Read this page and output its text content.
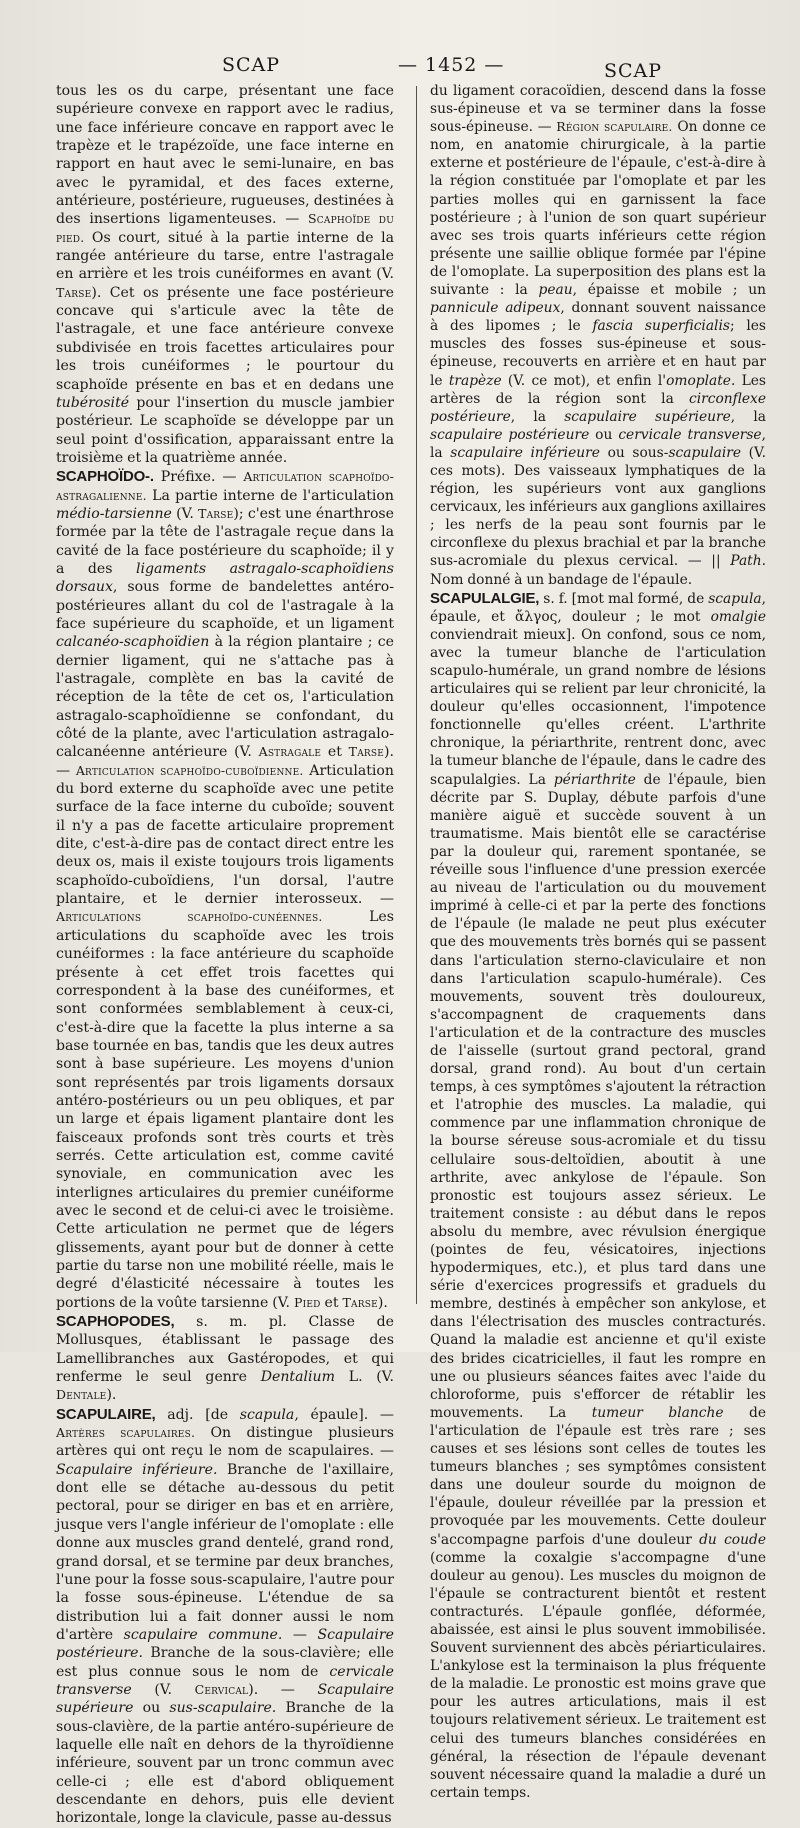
SCAP	— 1452 —	SCAP

tous les os du carpe, présentant une face supérieure convexe en rapport avec le radius, une face inférieure concave en rapport avec le trapèze et le trapézoïde, une face interne en rapport en haut avec le semi-lunaire, en bas avec le pyramidal, et des faces externe, antérieure, postérieure, rugueuses, destinées à des insertions ligamenteuses. — Scaphoïde du pied. Os court, situé à la partie interne de la rangée antérieure du tarse, entre l'astragale en arrière et les trois cunéiformes en avant (V. Tarse). Cet os présente une face postérieure concave qui s'articule avec la tête de l'astragale, et une face antérieure convexe subdivisée en trois facettes articulaires pour les trois cunéiformes ; le pourtour du scaphoïde présente en bas et en dedans une tubérosité pour l'insertion du muscle jambier postérieur. Le scaphoïde se développe par un seul point d'ossification, apparaissant entre la troisième et la quatrième année.

SCAPHOÏDO-. Préfixe. — Articulation scaphoïdo-astragalienne. La partie interne de l'articulation médio-tarsienne (V. Tarse); c'est une énarthrose formée par la tête de l'astragale reçue dans la cavité de la face postérieure du scaphoïde; il y a des ligaments astragalo-scaphoïdiens dorsaux, sous forme de bandelettes antéro-postérieures allant du col de l'astragale à la face supérieure du scaphoïde, et un ligament calcanéo-scaphoïdien à la région plantaire ; ce dernier ligament, qui ne s'attache pas à l'astragale, complète en bas la cavité de réception de la tête de cet os, l'articulation astragalo-scaphoïdienne se confondant, du côté de la plante, avec l'articulation astragalo-calcanéenne antérieure (V. Astragale et Tarse). — Articulation scaphoïdo-cuboïdienne. Articulation du bord externe du scaphoïde avec une petite surface de la face interne du cuboïde; souvent il n'y a pas de facette articulaire proprement dite, c'est-à-dire pas de contact direct entre les deux os, mais il existe toujours trois ligaments scaphoïdo-cuboïdiens, l'un dorsal, l'autre plantaire, et le dernier interosseux. — Articulations scaphoïdo-cunéennes. Les articulations du scaphoïde avec les trois cunéiformes : la face antérieure du scaphoïde présente à cet effet trois facettes qui correspondent à la base des cunéiformes, et sont conformées semblablement à ceux-ci, c'est-à-dire que la facette la plus interne a sa base tournée en bas, tandis que les deux autres sont à base supérieure. Les moyens d'union sont représentés par trois ligaments dorsaux antéro-postérieurs ou un peu obliques, et par un large et épais ligament plantaire dont les faisceaux profonds sont très courts et très serrés. Cette articulation est, comme cavité synoviale, en communication avec les interlignes articulaires du premier cunéiforme avec le second et de celui-ci avec le troisième. Cette articulation ne permet que de légers glissements, ayant pour but de donner à cette partie du tarse non une mobilité réelle, mais le degré d'élasticité nécessaire à toutes les portions de la voûte tarsienne (V. Pied et Tarse).

SCAPHOPODES, s. m. pl. Classe de Mollusques, établissant le passage des Lamellibranches aux Gastéropodes, et qui renferme le seul genre Dentalium L. (V. Dentale).

SCAPULAIRE, adj. [de scapula, épaule]. — Artères scapulaires. On distingue plusieurs artères qui ont reçu le nom de scapulaires. — Scapulaire inférieure. Branche de l'axillaire, dont elle se détache au-dessous du petit pectoral, pour se diriger en bas et en arrière, jusque vers l'angle inférieur de l'omoplate : elle donne aux muscles grand dentelé, grand rond, grand dorsal, et se termine par deux branches, l'une pour la fosse sous-scapulaire, l'autre pour la fosse sous-épineuse. L'étendue de sa distribution lui a fait donner aussi le nom d'artère scapulaire commune. — Scapulaire postérieure. Branche de la sous-clavière; elle est plus connue sous le nom de cervicale transverse (V. Cervical). — Scapulaire supérieure ou sus-scapulaire. Branche de la sous-clavière, de la partie antéro-supérieure de laquelle elle naît en dehors de la thyroïdienne inférieure, souvent par un tronc commun avec celle-ci ; elle est d'abord obliquement descendante en dehors, puis elle devient horizontale, longe la clavicule, passe au-dessus

du ligament coracoïdien, descend dans la fosse sus-épineuse et va se terminer dans la fosse sous-épineuse. — Région scapulaire. On donne ce nom, en anatomie chirurgicale, à la partie externe et postérieure de l'épaule, c'est-à-dire à la région constituée par l'omoplate et par les parties molles qui en garnissent la face postérieure ; à l'union de son quart supérieur avec ses trois quarts inférieurs cette région présente une saillie oblique formée par l'épine de l'omoplate. La superposition des plans est la suivante : la peau, épaisse et mobile ; un pannicule adipeux, donnant souvent naissance à des lipomes ; le fascia superficialis; les muscles des fosses sus-épineuse et sous-épineuse, recouverts en arrière et en haut par le trapèze (V. ce mot), et enfin l'omoplate. Les artères de la région sont la circonflexe postérieure, la scapulaire supérieure, la scapulaire postérieure ou cervicale transverse, la scapulaire inférieure ou sous-scapulaire (V. ces mots). Des vaisseaux lymphatiques de la région, les supérieurs vont aux ganglions cervicaux, les inférieurs aux ganglions axillaires ; les nerfs de la peau sont fournis par le circonflexe du plexus brachial et par la branche sus-acromiale du plexus cervical. — || Path. Nom donné à un bandage de l'épaule.

SCAPULALGIE, s. f. [mot mal formé, de scapula, épaule, et ἄλγος, douleur ; le mot omalgie conviendrait mieux]. On confond, sous ce nom, avec la tumeur blanche de l'articulation scapulo-humérale, un grand nombre de lésions articulaires qui se relient par leur chronicité, la douleur qu'elles occasionnent, l'impotence fonctionnelle qu'elles créent. L'arthrite chronique, la périarthrite, rentrent donc, avec la tumeur blanche de l'épaule, dans le cadre des scapulalgies. La périarthrite de l'épaule, bien décrite par S. Duplay, débute parfois d'une manière aiguë et succède souvent à un traumatisme. Mais bientôt elle se caractérise par la douleur qui, rarement spontanée, se réveille sous l'influence d'une pression exercée au niveau de l'articulation ou du mouvement imprimé à celle-ci et par la perte des fonctions de l'épaule (le malade ne peut plus exécuter que des mouvements très bornés qui se passent dans l'articulation sterno-claviculaire et non dans l'articulation scapulo-humérale). Ces mouvements, souvent très douloureux, s'accompagnent de craquements dans l'articulation et de la contracture des muscles de l'aisselle (surtout grand pectoral, grand dorsal, grand rond). Au bout d'un certain temps, à ces symptômes s'ajoutent la rétraction et l'atrophie des muscles. La maladie, qui commence par une inflammation chronique de la bourse séreuse sous-acromiale et du tissu cellulaire sous-deltoïdien, aboutit à une arthrite, avec ankylose de l'épaule. Son pronostic est toujours assez sérieux. Le traitement consiste : au début dans le repos absolu du membre, avec révulsion énergique (pointes de feu, vésicatoires, injections hypodermiques, etc.), et plus tard dans une série d'exercices progressifs et graduels du membre, destinés à empêcher son ankylose, et dans l'électrisation des muscles contracturés. Quand la maladie est ancienne et qu'il existe des brides cicatricielles, il faut les rompre en une ou plusieurs séances faites avec l'aide du chloroforme, puis s'efforcer de rétablir les mouvements. La tumeur blanche de l'articulation de l'épaule est très rare ; ses causes et ses lésions sont celles de toutes les tumeurs blanches ; ses symptômes consistent dans une douleur sourde du moignon de l'épaule, douleur réveillée par la pression et provoquée par les mouvements. Cette douleur s'accompagne parfois d'une douleur du coude (comme la coxalgie s'accompagne d'une douleur au genou). Les muscles du moignon de l'épaule se contracturent bientôt et restent contracturés. L'épaule gonflée, déformée, abaissée, est ainsi le plus souvent immobilisée. Souvent surviennent des abcès périarticulaires. L'ankylose est la terminaison la plus fréquente de la maladie. Le pronostic est moins grave que pour les autres articulations, mais il est toujours relativement sérieux. Le traitement est celui des tumeurs blanches considérées en général, la résection de l'épaule devenant souvent nécessaire quand la maladie a duré un certain temps.
